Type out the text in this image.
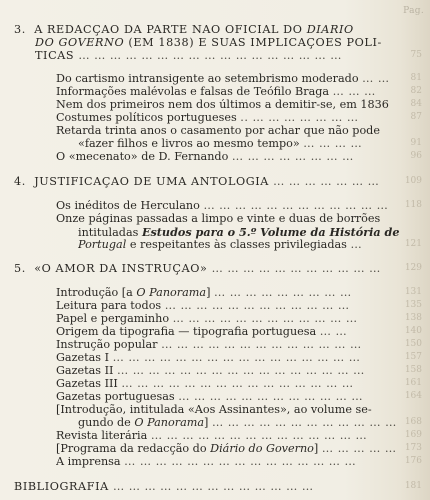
Pag.
3. A REDACÇÃO DA PARTE NÃO OFICIAL DO DIARIO
DO GOVERNO (EM 1838) E SUAS IMPLICAÇÕES POLÍ-
TICAS … … … … … … … … … … … … … … … … …	75
Do cartismo intransigente ao setembrismo moderado … … 81
Informações malévolas e falsas de Teófilo Braga … … …	82
Nem dos primeiros nem dos últimos a demitir-se, em 1836 84
Costumes políticos portugueses .. … … … … … … …	87
Retarda trinta anos o casamento por achar que não pode
«fazer filhos e livros ao mesmo tempo» … … … …	91
O «mecenato» de D. Fernando … … … … … … … …	96
4. JUSTIFICAÇÃO DE UMA ANTOLOGIA … … … … … … …	109
Os inéditos de Herculano … … … … … … … … … … … … 118
Onze páginas passadas a limpo e vinte e duas de borrões
intituladas Estudos para o 5.º Volume da História de
Portugal e respeitantes às classes privilegiadas …	121
5. «O AMOR DA INSTRUÇÃO» … … … … … … … … … … …	129
Introdução [a O Panorama] … … … … … … … … …	131
Leitura para todos … … … … … … … … … … … …	135
Papel e pergaminho … … … … … … … … … … … …	138
Origem da tipografia — tipografia portuguesa … …	140
Instrução popular … … … … … … … … … … … … …	150
Gazetas I … … … … … … … … … … … … … … … …	157
Gazetas II … … … … … … … … … … … … … … … …	158
Gazetas III … … … … … … … … … … … … … … …	161
Gazetas portuguesas … … … … … … … … … … … …	164
[Introdução, intitulada «Aos Assinantes», ao volume se-
gundo de O Panorama] … … … … … … … … … … … … 168
Revista literária … … … … … … … … … … … … … …	169
[Programa da redacção do Diário do Governo] … … … … … 173
A imprensa … … … … … … … … … … … … … … …	176
BIBLIOGRAFIA … … … … … … … … … … … … …	181
